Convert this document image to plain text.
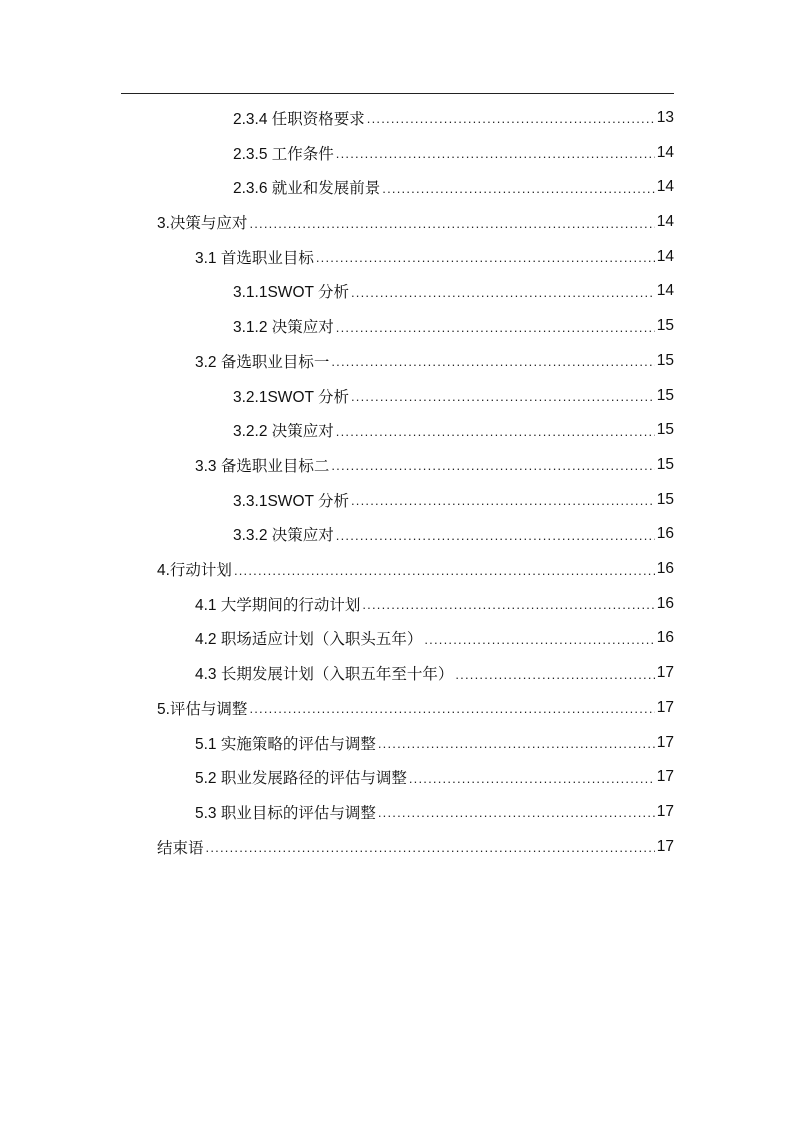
2.3.4 任职资格要求 .....	13
2.3.5 工作条件 .....	14
2.3.6 就业和发展前景 .....	14
3.决策与应对 .....	14
3.1 首选职业目标 .....	14
3.1.1SWOT 分析 .....	14
3.1.2 决策应对 .....	15
3.2 备选职业目标一 .....	15
3.2.1SWOT 分析 .....	15
3.2.2 决策应对 .....	15
3.3 备选职业目标二 .....	15
3.3.1SWOT 分析 .....	15
3.3.2 决策应对 .....	16
4.行动计划 .....	16
4.1 大学期间的行动计划 .....	16
4.2 职场适应计划（入职头五年） .....	16
4.3 长期发展计划（入职五年至十年） .....	17
5.评估与调整 .....	17
5.1 实施策略的评估与调整 .....	17
5.2 职业发展路径的评估与调整 .....	17
5.3 职业目标的评估与调整 .....	17
结束语 .....	17
